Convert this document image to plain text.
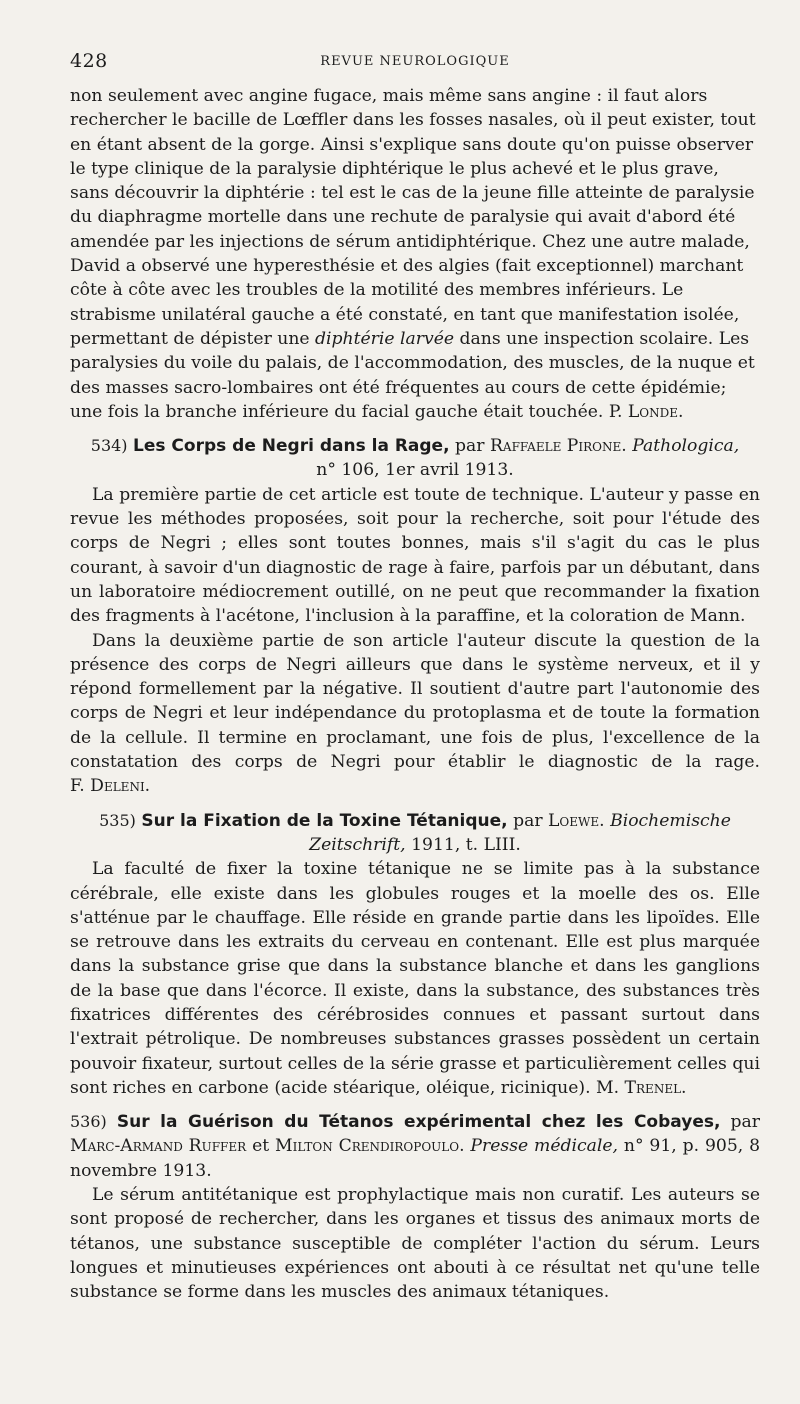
428	REVUE NEUROLOGIQUE

non seulement avec angine fugace, mais même sans angine : il faut alors rechercher le bacille de Lœffler dans les fosses nasales, où il peut exister, tout en étant absent de la gorge. Ainsi s'explique sans doute qu'on puisse observer le type clinique de la paralysie diphtérique le plus achevé et le plus grave, sans découvrir la diphtérie : tel est le cas de la jeune fille atteinte de paralysie du diaphragme mortelle dans une rechute de paralysie qui avait d'abord été amendée par les injections de sérum antidiphtérique. Chez une autre malade, David a observé une hyperesthésie et des algies (fait exceptionnel) marchant côte à côte avec les troubles de la motilité des membres inférieurs. Le strabisme unilatéral gauche a été constaté, en tant que manifestation isolée, permettant de dépister une diphtérie larvée dans une inspection scolaire. Les paralysies du voile du palais, de l'accommodation, des muscles, de la nuque et des masses sacro-lombaires ont été fréquentes au cours de cette épidémie; une fois la branche inférieure du facial gauche était touchée. P. Londe.

534) Les Corps de Negri dans la Rage, par Raffaele Pirone. Pathologica,
n° 106, 1er avril 1913.

La première partie de cet article est toute de technique. L'auteur y passe en revue les méthodes proposées, soit pour la recherche, soit pour l'étude des corps de Negri ; elles sont toutes bonnes, mais s'il s'agit du cas le plus courant, à savoir d'un diagnostic de rage à faire, parfois par un débutant, dans un laboratoire médiocrement outillé, on ne peut que recommander la fixation des fragments à l'acétone, l'inclusion à la paraffine, et la coloration de Mann.

Dans la deuxième partie de son article l'auteur discute la question de la présence des corps de Negri ailleurs que dans le système nerveux, et il y répond formellement par la négative. Il soutient d'autre part l'autonomie des corps de Negri et leur indépendance du protoplasma et de toute la formation de la cellule. Il termine en proclamant, une fois de plus, l'excellence de la constatation des corps de Negri pour établir le diagnostic de la rage. F. Deleni.

535) Sur la Fixation de la Toxine Tétanique, par Loewe. Biochemische Zeitschrift, 1911, t. LIII.

La faculté de fixer la toxine tétanique ne se limite pas à la substance cérébrale, elle existe dans les globules rouges et la moelle des os. Elle s'atténue par le chauffage. Elle réside en grande partie dans les lipoïdes. Elle se retrouve dans les extraits du cerveau en contenant. Elle est plus marquée dans la substance grise que dans la substance blanche et dans les ganglions de la base que dans l'écorce. Il existe, dans la substance, des substances très fixatrices différentes des cérébrosides connues et passant surtout dans l'extrait pétrolique. De nombreuses substances grasses possèdent un certain pouvoir fixateur, surtout celles de la série grasse et particulièrement celles qui sont riches en carbone (acide stéarique, oléique, ricinique). M. Trenel.

536) Sur la Guérison du Tétanos expérimental chez les Cobayes, par Marc-Armand Ruffer et Milton Crendiropoulo. Presse médicale, n° 91, p. 905, 8 novembre 1913.

Le sérum antitétanique est prophylactique mais non curatif. Les auteurs se sont proposé de rechercher, dans les organes et tissus des animaux morts de tétanos, une substance susceptible de compléter l'action du sérum. Leurs longues et minutieuses expériences ont abouti à ce résultat net qu'une telle substance se forme dans les muscles des animaux tétaniques.
